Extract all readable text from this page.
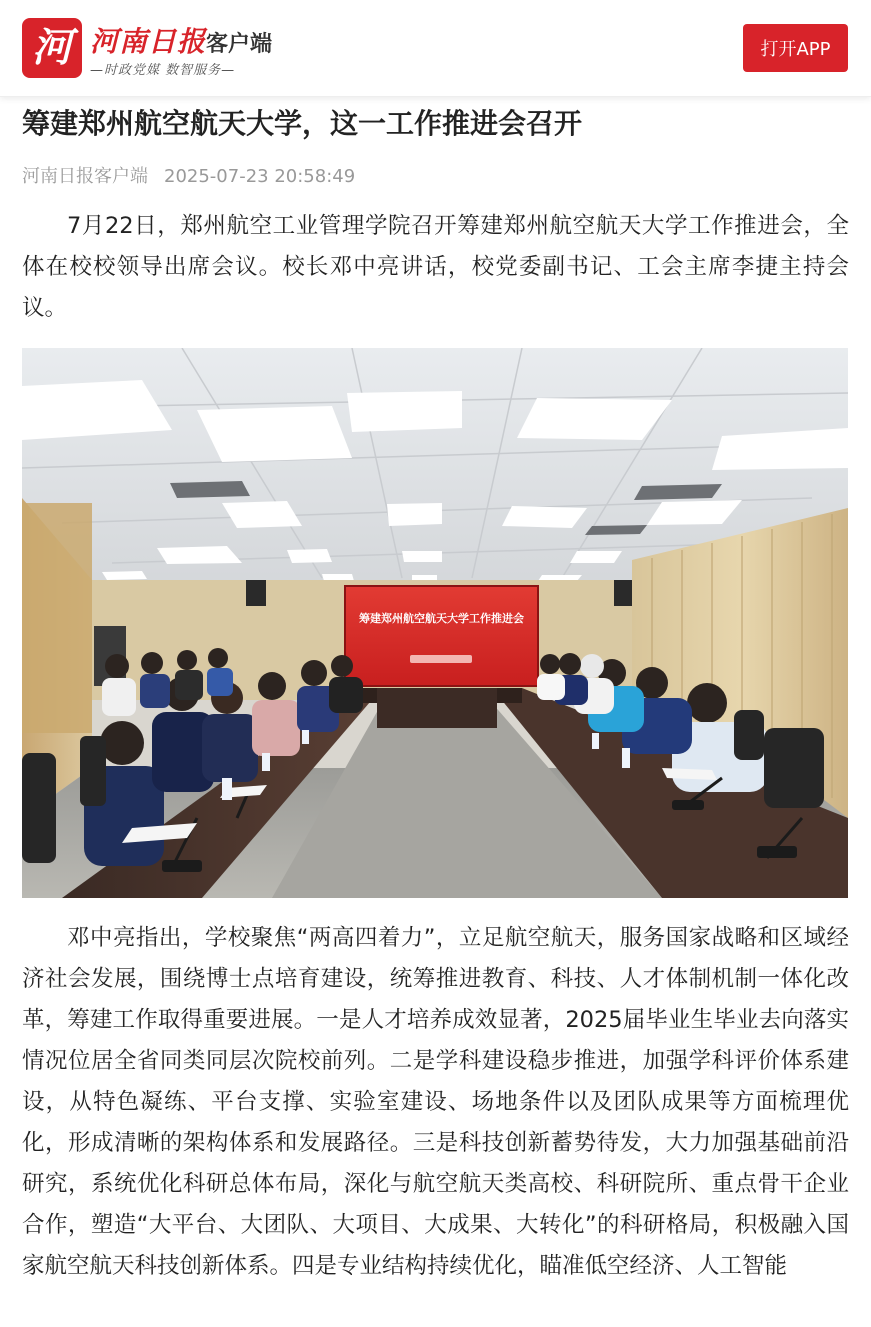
河 河南日报客户端
—时政党媒 数智服务—
打开APP
筹建郑州航空航天大学，这一工作推进会召开
河南日报客户端 2025-07-23 20:58:49

7月22日，郑州航空工业管理学院召开筹建郑州航空航天大学工作推进会，全体在校校领导出席会议。校长邓中亮讲话，校党委副书记、工会主席李捷主持会议。

筹建郑州航空航天大学工作推进会

邓中亮指出，学校聚焦“两高四着力”，立足航空航天，服务国家战略和区域经济社会发展，围绕博士点培育建设，统筹推进教育、科技、人才体制机制一体化改革，筹建工作取得重要进展。一是人才培养成效显著，2025届毕业生毕业去向落实情况位居全省同类同层次院校前列。二是学科建设稳步推进，加强学科评价体系建设，从特色凝练、平台支撑、实验室建设、场地条件以及团队成果等方面梳理优化，形成清晰的架构体系和发展路径。三是科技创新蓄势待发，大力加强基础前沿研究，系统优化科研总体布局，深化与航空航天类高校、科研院所、重点骨干企业合作，塑造“大平台、大团队、大项目、大成果、大转化”的科研格局，积极融入国家航空航天科技创新体系。四是专业结构持续优化，瞄准低空经济、人工智能
